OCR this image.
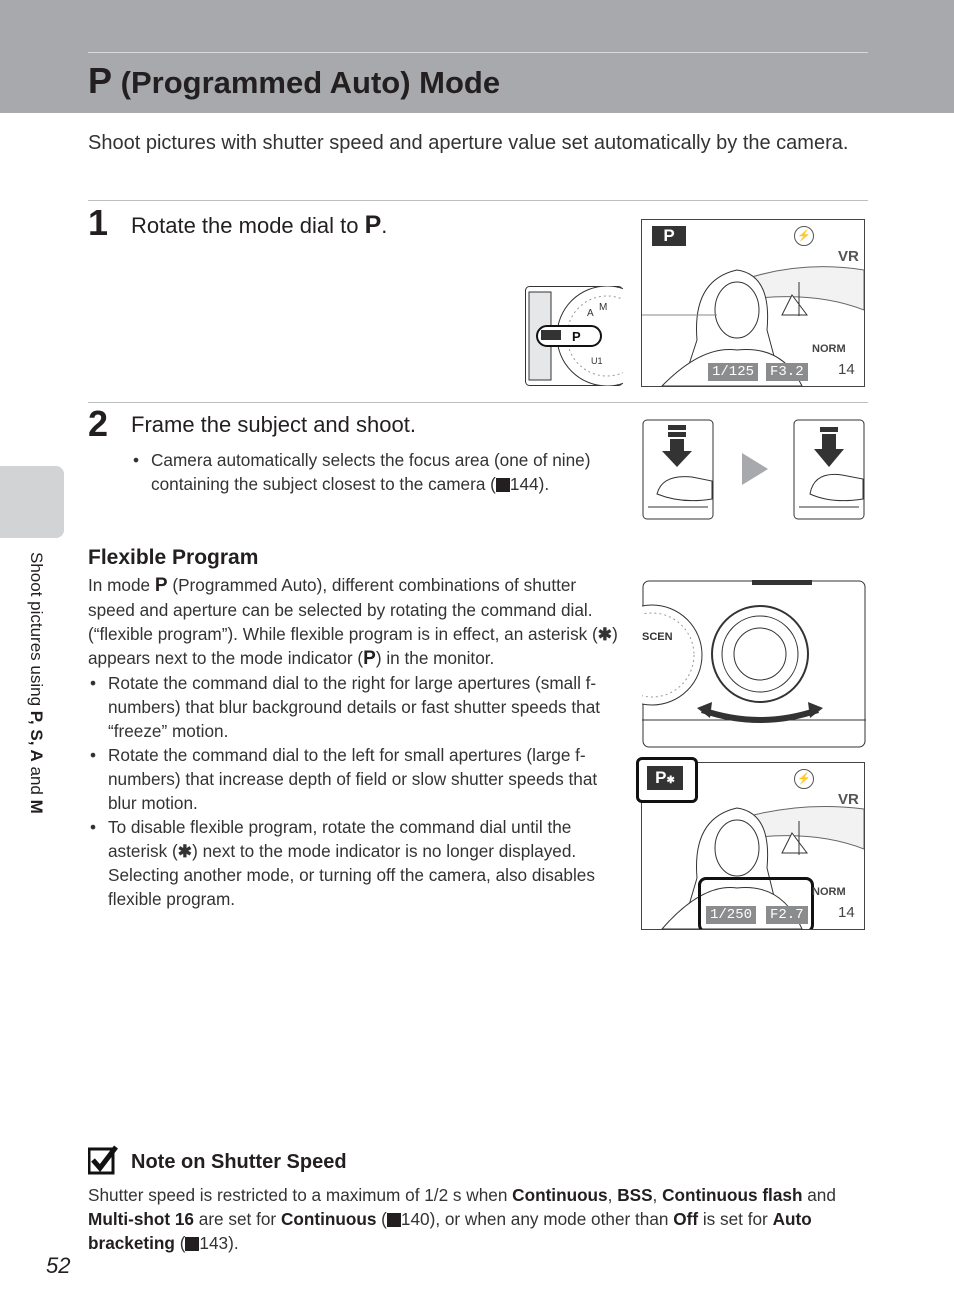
P (Programmed Auto) Mode
Shoot pictures with shutter speed and aperture value set automatically by the camera.
1 Rotate the mode dial to P.
P
M
A
U1
P	⚡
VR
NORM
14
1/125 F3.2
2 Frame the subject and shoot.
• Camera automatically selects the focus area (one of nine) containing the subject closest to the camera ( 144).
Flexible Program
In mode P (Programmed Auto), different combinations of shutter speed and aperture can be selected by rotating the command dial. (“flexible program”). While flexible program is in effect, an asterisk (✱) appears next to the mode indicator (P) in the monitor.
• Rotate the command dial to the right for large apertures (small f-numbers) that blur background details or fast shutter speeds that “freeze” motion.
• Rotate the command dial to the left for small apertures (large f-numbers) that increase depth of field or slow shutter speeds that blur motion.
• To disable flexible program, rotate the command dial until the asterisk (✱) next to the mode indicator is no longer displayed. Selecting another mode, or turning off the camera, also disables flexible program.
SCEN
⚡
VR
NORM
14
1/250 F2.7
P✱
Note on Shutter Speed
Shutter speed is restricted to a maximum of 1/2 s when Continuous, BSS, Continuous flash and Multi-shot 16 are set for Continuous ( 140), or when any mode other than Off is set for Auto bracketing ( 143).
Shoot pictures using P, S, A and M
52
